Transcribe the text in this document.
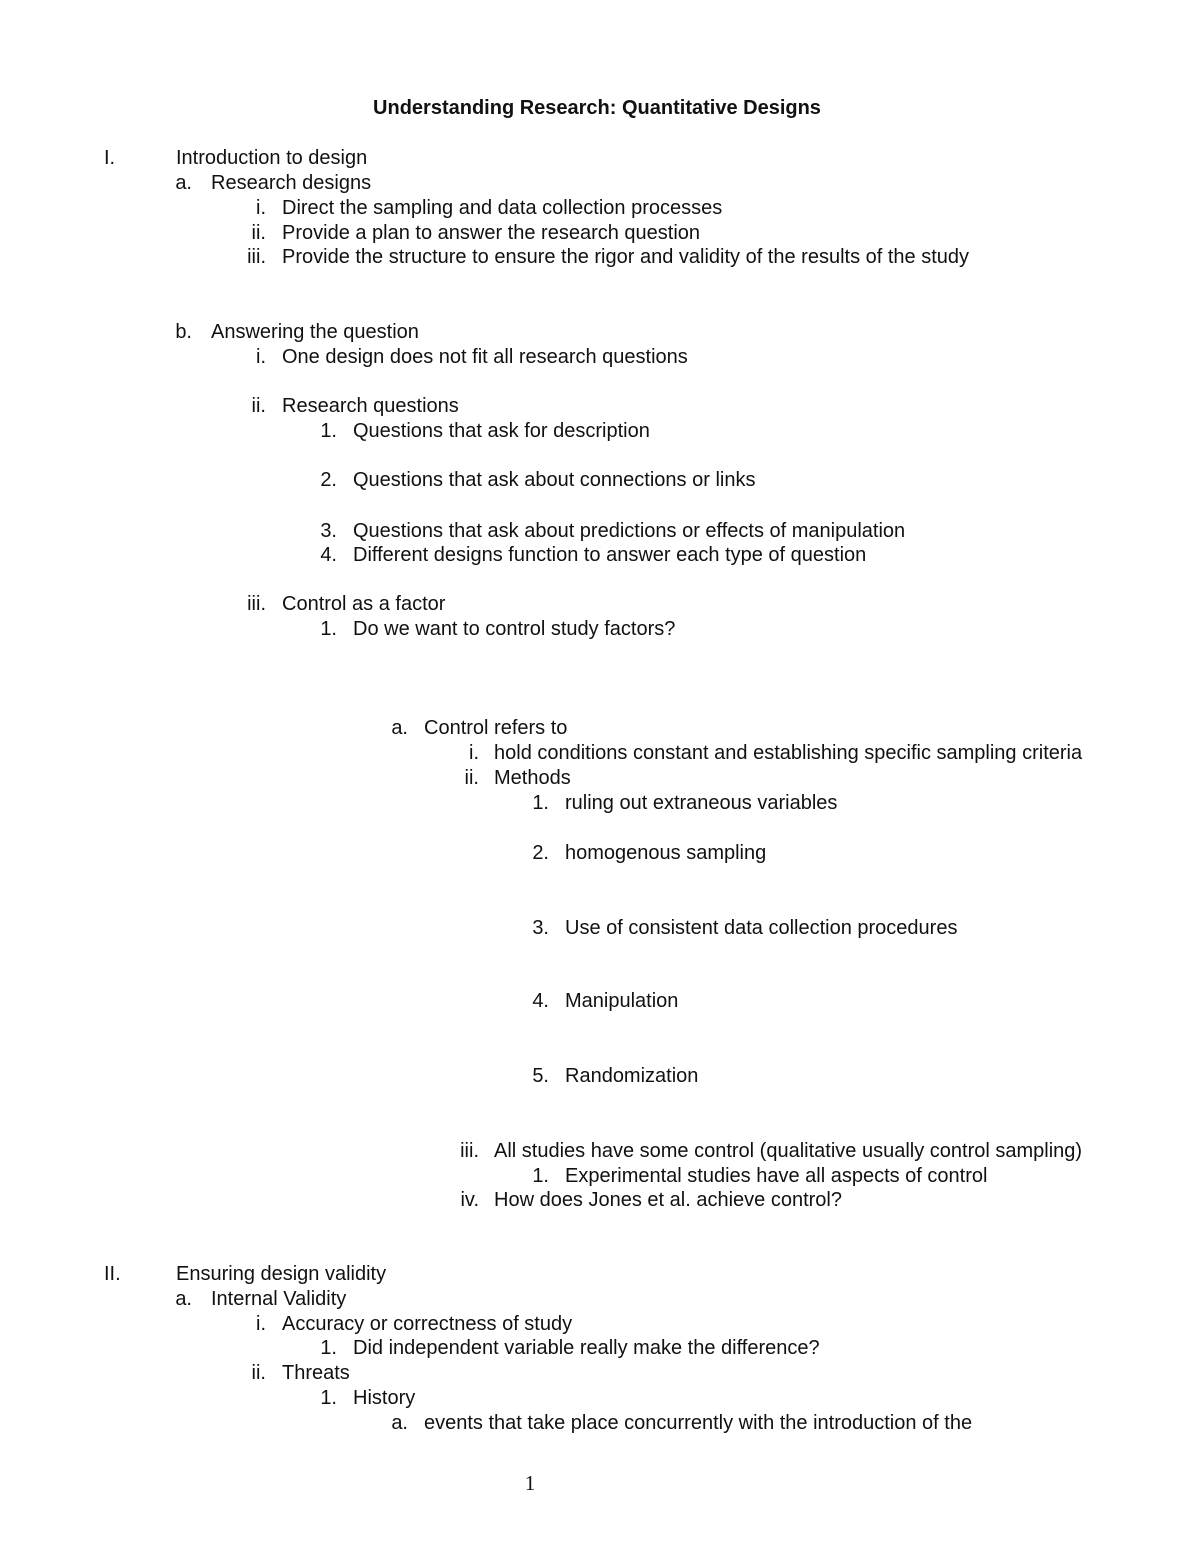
Understanding Research: Quantitative Designs
I.	Introduction to design
a. Research designs
i. Direct the sampling and data collection processes
ii. Provide a plan to answer the research question
iii. Provide the structure to ensure the rigor and validity of the results of the study
b. Answering the question
i. One design does not fit all research questions
ii. Research questions
1. Questions that ask for description
2. Questions that ask about connections or links
3. Questions that ask about predictions or effects of manipulation
4. Different designs function to answer each type of question
iii. Control as a factor
1. Do we want to control study factors?
a. Control refers to
i. hold conditions constant and establishing specific sampling criteria
ii. Methods
1. ruling out extraneous variables
2. homogenous sampling
3. Use of consistent data collection procedures
4. Manipulation
5. Randomization
iii. All studies have some control (qualitative usually control sampling)
1. Experimental studies have all aspects of control
iv. How does Jones et al. achieve control?
II.	Ensuring design validity
a. Internal Validity
i. Accuracy or correctness of study
1. Did independent variable really make the difference?
ii. Threats
1. History
a. events that take place concurrently with the introduction of the
1
